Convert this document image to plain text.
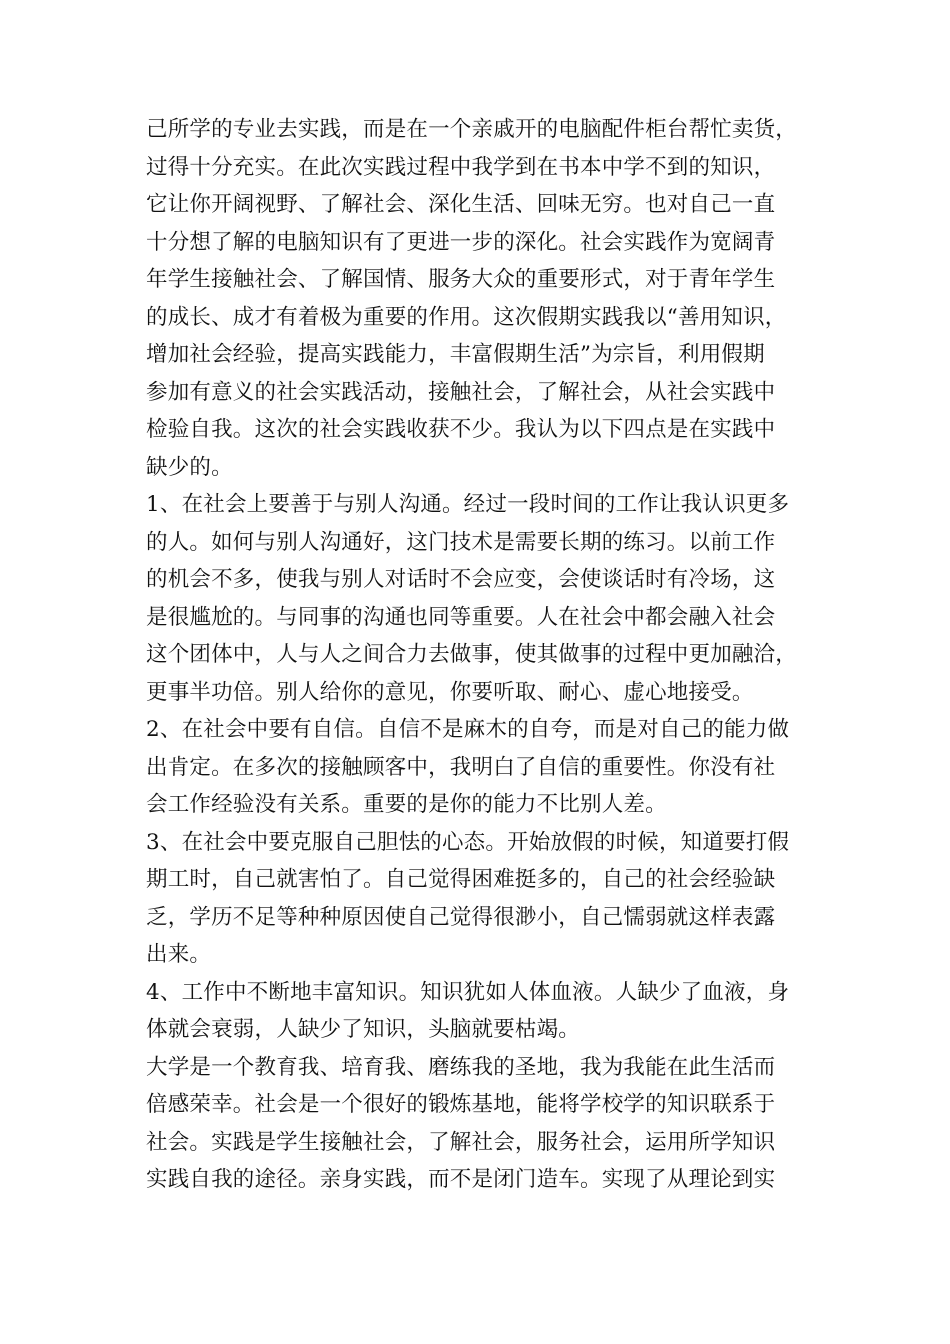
己所学的专业去实践，而是在一个亲戚开的电脑配件柜台帮忙卖货，
过得十分充实。在此次实践过程中我学到在书本中学不到的知识，
它让你开阔视野、了解社会、深化生活、回味无穷。也对自己一直
十分想了解的电脑知识有了更进一步的深化。社会实践作为宽阔青
年学生接触社会、了解国情、服务大众的重要形式，对于青年学生
的成长、成才有着极为重要的作用。这次假期实践我以“善用知识，
增加社会经验，提高实践能力，丰富假期生活”为宗旨，利用假期
参加有意义的社会实践活动，接触社会，了解社会，从社会实践中
检验自我。这次的社会实践收获不少。我认为以下四点是在实践中
缺少的。
1、在社会上要善于与别人沟通。经过一段时间的工作让我认识更多
的人。如何与别人沟通好，这门技术是需要长期的练习。以前工作
的机会不多，使我与别人对话时不会应变，会使谈话时有冷场，这
是很尴尬的。与同事的沟通也同等重要。人在社会中都会融入社会
这个团体中，人与人之间合力去做事，使其做事的过程中更加融洽，
更事半功倍。别人给你的意见，你要听取、耐心、虚心地接受。
2、在社会中要有自信。自信不是麻木的自夸，而是对自己的能力做
出肯定。在多次的接触顾客中，我明白了自信的重要性。你没有社
会工作经验没有关系。重要的是你的能力不比别人差。
3、在社会中要克服自己胆怯的心态。开始放假的时候，知道要打假
期工时，自己就害怕了。自己觉得困难挺多的，自己的社会经验缺
乏，学历不足等种种原因使自己觉得很渺小，自己懦弱就这样表露
出来。
4、工作中不断地丰富知识。知识犹如人体血液。人缺少了血液，身
体就会衰弱，人缺少了知识，头脑就要枯竭。
大学是一个教育我、培育我、磨练我的圣地，我为我能在此生活而
倍感荣幸。社会是一个很好的锻炼基地，能将学校学的知识联系于
社会。实践是学生接触社会，了解社会，服务社会，运用所学知识
实践自我的途径。亲身实践，而不是闭门造车。实现了从理论到实
